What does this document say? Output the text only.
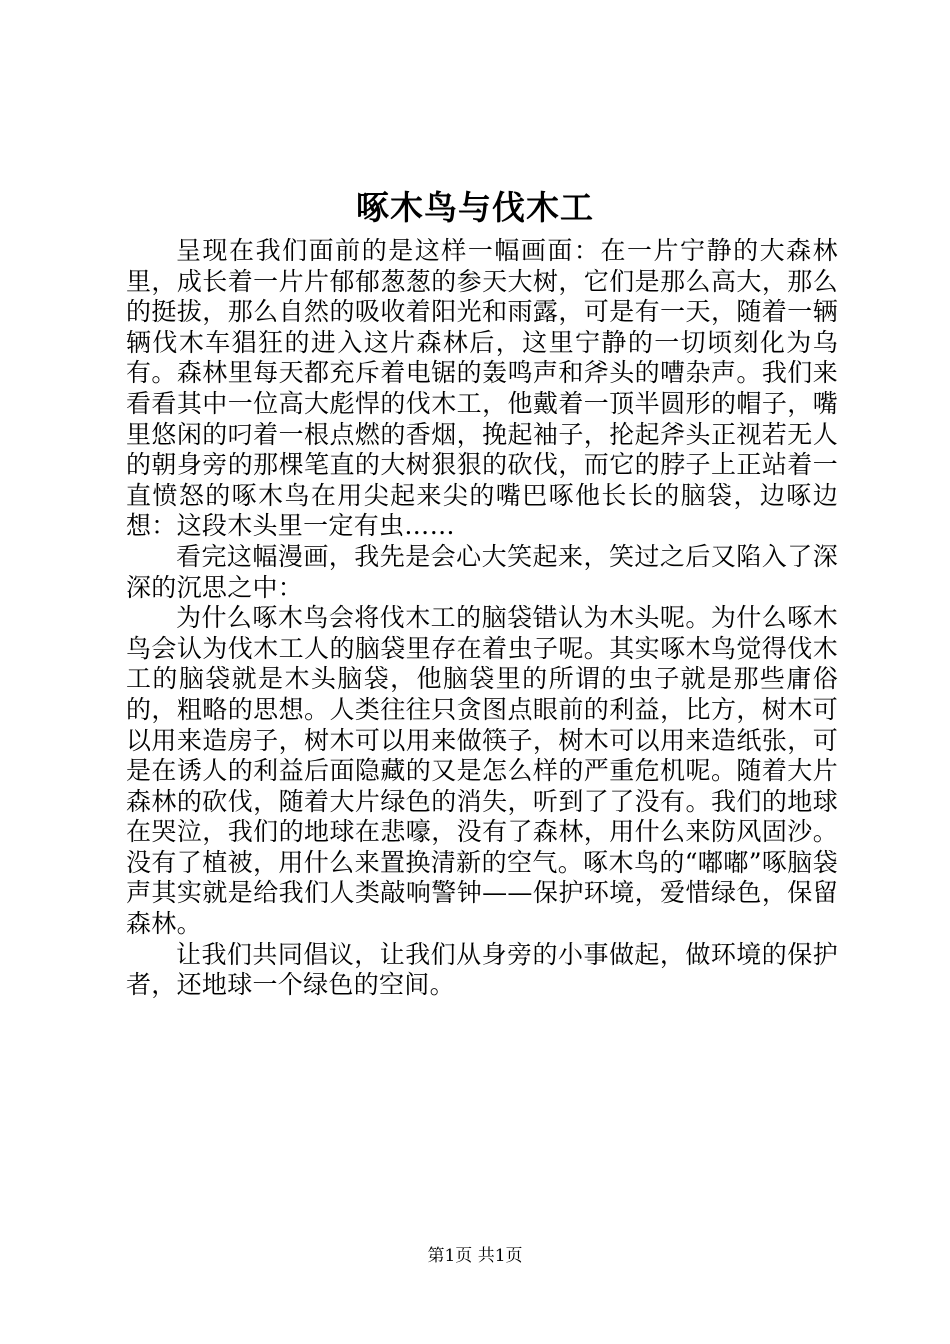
啄木鸟与伐木工

呈现在我们面前的是这样一幅画面：在一片宁静的大森林里，成长着一片片郁郁葱葱的参天大树，它们是那么高大，那么的挺拔，那么自然的吸收着阳光和雨露，可是有一天，随着一辆辆伐木车猖狂的进入这片森林后，这里宁静的一切顷刻化为乌有。森林里每天都充斥着电锯的轰鸣声和斧头的嘈杂声。我们来看看其中一位高大彪悍的伐木工，他戴着一顶半圆形的帽子，嘴里悠闲的叼着一根点燃的香烟，挽起袖子，抡起斧头正视若无人的朝身旁的那棵笔直的大树狠狠的砍伐，而它的脖子上正站着一直愤怒的啄木鸟在用尖起来尖的嘴巴啄他长长的脑袋，边啄边想：这段木头里一定有虫……

看完这幅漫画，我先是会心大笑起来，笑过之后又陷入了深深的沉思之中：

为什么啄木鸟会将伐木工的脑袋错认为木头呢。为什么啄木鸟会认为伐木工人的脑袋里存在着虫子呢。其实啄木鸟觉得伐木工的脑袋就是木头脑袋，他脑袋里的所谓的虫子就是那些庸俗的，粗略的思想。人类往往只贪图点眼前的利益，比方，树木可以用来造房子，树木可以用来做筷子，树木可以用来造纸张，可是在诱人的利益后面隐藏的又是怎么样的严重危机呢。随着大片森林的砍伐，随着大片绿色的消失，听到了了没有。我们的地球在哭泣，我们的地球在悲嚎，没有了森林，用什么来防风固沙。没有了植被，用什么来置换清新的空气。啄木鸟的“嘟嘟”啄脑袋声其实就是给我们人类敲响警钟——保护环境，爱惜绿色，保留森林。

让我们共同倡议，让我们从身旁的小事做起，做环境的保护者，还地球一个绿色的空间。

第1页 共1页
